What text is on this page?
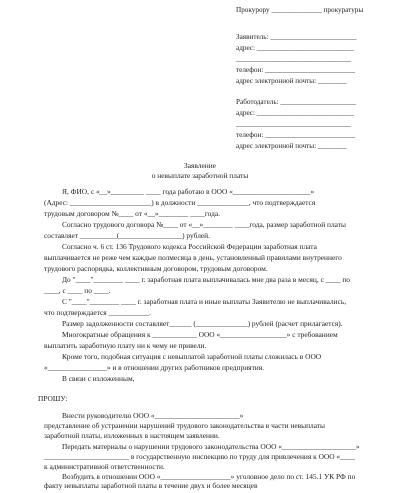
Прокурору ______________ прокуратуры
Заявитель: ________________________
адрес: ___________________________
________________________________
телефон: _________________________
адрес электронной почты: ________
Работодатель: _____________________
адрес: ___________________________
________________________________
телефон: _________________________
адрес электронной почты: ________
Заявление
о невыплате заработной платы
Я, ФИО, с «__»_________ ____ года работаю в ООО «_____________________»
(Адрес: ______________________) в должности ______________, что подтверждается
трудовым договором №____ от «__»________ ____года.
Согласно трудового договора №____ от «__»________ ____года, размер заработной платы
составляет __________(_________________) рублей.
Согласно ч. 6 ст. 136 Трудового кодекса Российской Федерации заработная плата
выплачивается не реже чем каждые полмесяца в день, установленный правилами внутреннего
трудового распорядка, коллективным договором, трудовым договором.
До "____"________ ____ г. заработная плата выплачивалась мне два раза в месяц, с ____ по
____, с ____ по ____.
С "____"________ ____ г. заработная плата и иные выплаты Заявителю не выплачивались,
что подтверждается ___________.
Размер задолженности составляет______ (______________) рублей (расчет прилагается).
Многократные обращения к ____________ ООО «__________________» с требованием
выплатить заработную плату ни к чему не привели.
Кроме того, подобная ситуация с невыплатой заработной платы сложилась в ООО
«________________» и в отношении других работников предприятия.
В связи с изложенным,
ПРОШУ:
Внести руководителю ООО «_______________________»
представление об устранении нарушений трудового законодательства в части невыплаты
заработной платы, изложенных в настоящем заявлении.
Передать материалы о нарушении трудового законодательства ООО «____________________»
_______________________ в государственную инспекцию по труду для привлечения к ООО «____
к административной ответственности.
Возбудить в отношении ООО «___________________» уголовное дело по ст. 145.1 УК РФ по
факту невыплаты заработной платы в течение двух и более месяцев
